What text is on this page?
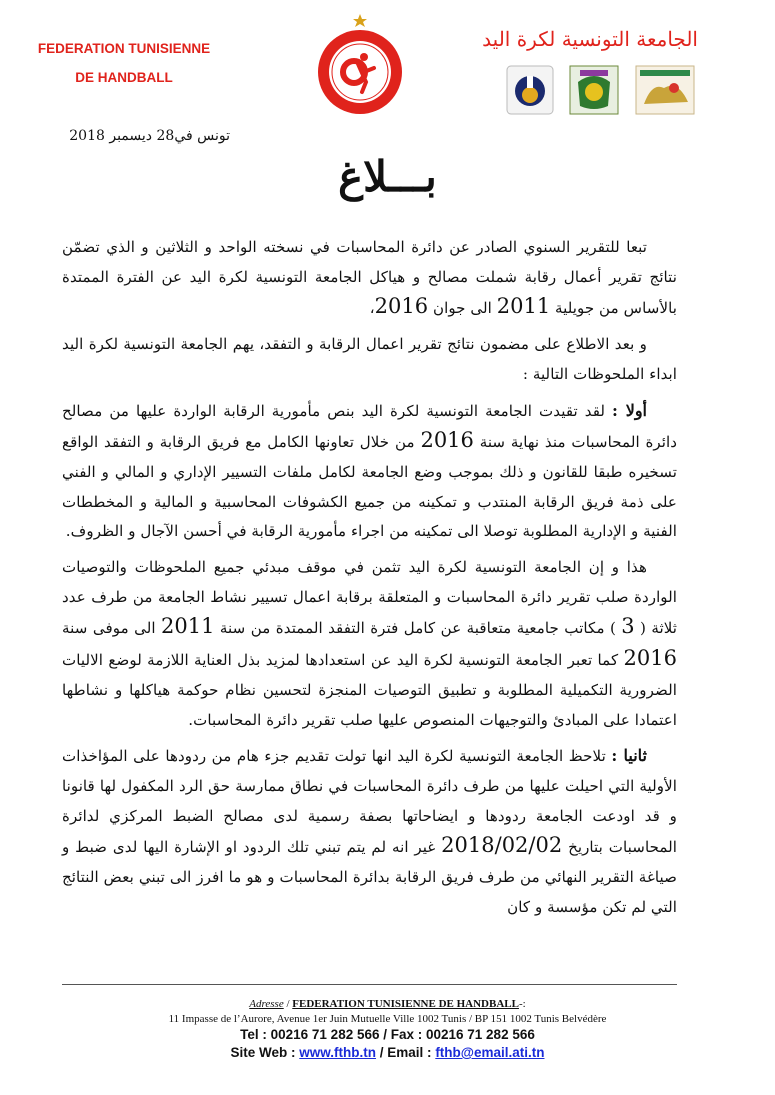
FEDERATION TUNISIENNE
DE HANDBALL
الجامعة التونسية لكرة اليد
تونس في28 ديسمبر 2018
بـــلاغ

تبعا للتقرير السنوي الصادر عن دائرة المحاسبات في نسخته الواحد و الثلاثين و الذي تضمّن نتائج تقرير أعمال رقابة شملت مصالح و هياكل الجامعة التونسية لكرة اليد عن الفترة الممتدة بالأساس من جويلية 2011 الى جوان 2016،

و بعد الاطلاع على مضمون نتائج تقرير اعمال الرقابة و التفقد، يهم الجامعة التونسية لكرة اليد ابداء الملحوظات التالية :

أولا : لقد تقيدت الجامعة التونسية لكرة اليد بنص مأمورية الرقابة الواردة عليها من مصالح دائرة المحاسبات منذ نهاية سنة 2016 من خلال تعاونها الكامل مع فريق الرقابة و التفقد الواقع تسخيره طبقا للقانون و ذلك بموجب وضع الجامعة لكامل ملفات التسيير الإداري و المالي و الفني على ذمة فريق الرقابة المنتدب و تمكينه من جميع الكشوفات المحاسبية و المالية و المخططات الفنية و الإدارية المطلوبة توصلا الى تمكينه من اجراء مأمورية الرقابة في أحسن الآجال و الظروف.

هذا و إن الجامعة التونسية لكرة اليد تثمن في موقف مبدئي جميع الملحوظات والتوصيات الواردة صلب تقرير دائرة المحاسبات و المتعلقة برقابة اعمال تسيير نشاط الجامعة من طرف عدد ثلاثة ( 3 ) مكاتب جامعية متعاقبة عن كامل فترة التفقد الممتدة من سنة 2011 الى موفى سنة 2016 كما تعبر الجامعة التونسية لكرة اليد عن استعدادها لمزيد بذل العناية اللازمة لوضع الاليات الضرورية التكميلية المطلوبة و تطبيق التوصيات المنجزة لتحسين نظام حوكمة هياكلها و نشاطها اعتمادا على المبادئ والتوجيهات المنصوص عليها صلب تقرير دائرة المحاسبات.

ثانيا : تلاحظ الجامعة التونسية لكرة اليد انها تولت تقديم جزء هام من ردودها على المؤاخذات الأولية التي احيلت عليها من طرف دائرة المحاسبات في نطاق ممارسة حق الرد المكفول لها قانونا و قد اودعت الجامعة ردودها و ايضاحاتها بصفة رسمية لدى مصالح الضبط المركزي لدائرة المحاسبات بتاريخ 2018/02/02 غير انه لم يتم تبني تلك الردود او الإشارة اليها لدى ضبط و صياغة التقرير النهائي من طرف فريق الرقابة بدائرة المحاسبات و هو ما افرز الى تبني بعض النتائج التي لم تكن مؤسسة و كان

Adresse / FEDERATION TUNISIENNE DE HANDBALL-:
11 Impasse de l’Aurore, Avenue 1er Juin Mutuelle Ville 1002 Tunis / BP 151 1002 Tunis Belvédère
Tel : 00216 71 282 566 / Fax : 00216 71 282 566
Site Web : www.fthb.tn / Email : fthb@email.ati.tn
